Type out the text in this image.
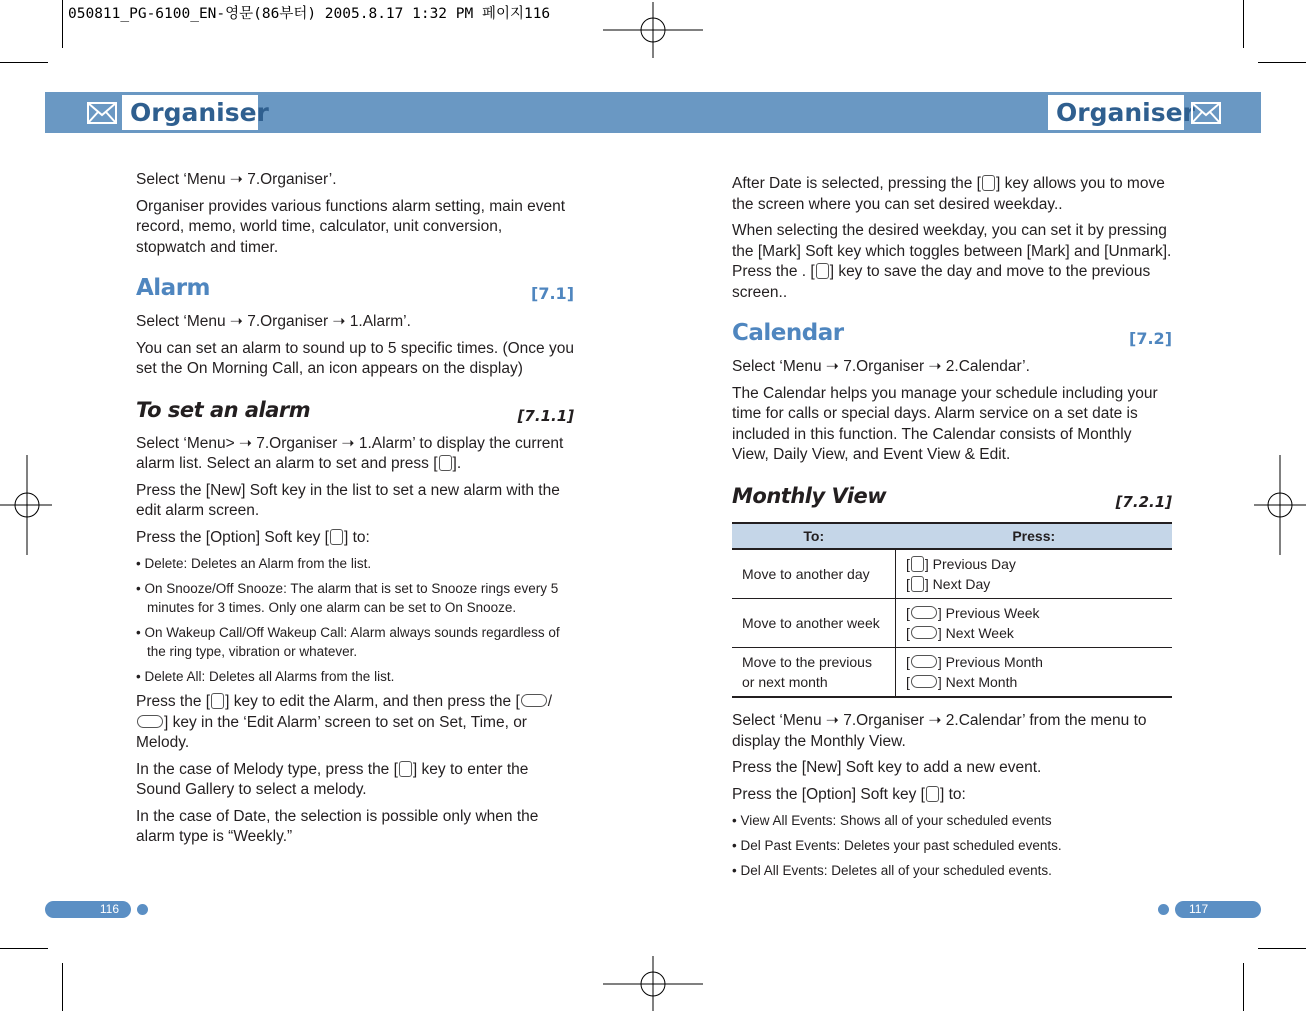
050811_PG-6100_EN-영문(86부터) 2005.8.17 1:32 PM 페이지116
Organiser	Organiser

Select ‘Menu ➝ 7.Organiser’.

Organiser provides various functions alarm setting, main event record, memo, world time, calculator, unit conversion, stopwatch and timer.

Alarm	[7.1]

Select ‘Menu ➝ 7.Organiser ➝ 1.Alarm’.

You can set an alarm to sound up to 5 specific times. (Once you set the On Morning Call, an icon appears on the display)

To set an alarm	[7.1.1]

Select ‘Menu> ➝ 7.Organiser ➝ 1.Alarm’ to display the current alarm list. Select an alarm to set and press [ ].

Press the [New] Soft key in the list to set a new alarm with the edit alarm screen.

Press the [Option] Soft key [ ] to:

• Delete: Deletes an Alarm from the list.

• On Snooze/Off Snooze: The alarm that is set to Snooze rings every 5 minutes for 3 times. Only one alarm can be set to On Snooze.

• On Wakeup Call/Off Wakeup Call: Alarm always sounds regardless of the ring type, vibration or whatever.

• Delete All: Deletes all Alarms from the list.

Press the [ ] key to edit the Alarm, and then press the [ /] key in the ‘Edit Alarm’ screen to set on Set, Time, or Melody.

In the case of Melody type, press the [ ] key to enter the Sound Gallery to select a melody.

In the case of Date, the selection is possible only when the alarm type is “Weekly.”

After Date is selected, pressing the [ ] key allows you to move the screen where you can set desired weekday..

When selecting the desired weekday, you can set it by pressing the [Mark] Soft key which toggles between [Mark] and [Unmark]. Press the . [ ] key to save the day and move to the previous screen..

Calendar	[7.2]

Select ‘Menu ➝ 7.Organiser ➝ 2.Calendar’.

The Calendar helps you manage your schedule including your time for calls or special days. Alarm service on a set date is included in this function. The Calendar consists of Monthly View, Daily View, and Event View & Edit.

Monthly View	[7.2.1]
To:	Press:
Move to another day	[ ] Previous Day
[ ] Next Day
Move to another week	[ ] Previous Week
[ ] Next Week
Move to the previous or next month	[ ] Previous Month
[ ] Next Month

Select ‘Menu ➝ 7.Organiser ➝ 2.Calendar’ from the menu to display the Monthly View.

Press the [New] Soft key to add a new event.

Press the [Option] Soft key [ ] to:

• View All Events: Shows all of your scheduled events

• Del Past Events: Deletes your past scheduled events.

• Del All Events: Deletes all of your scheduled events.

116	117
